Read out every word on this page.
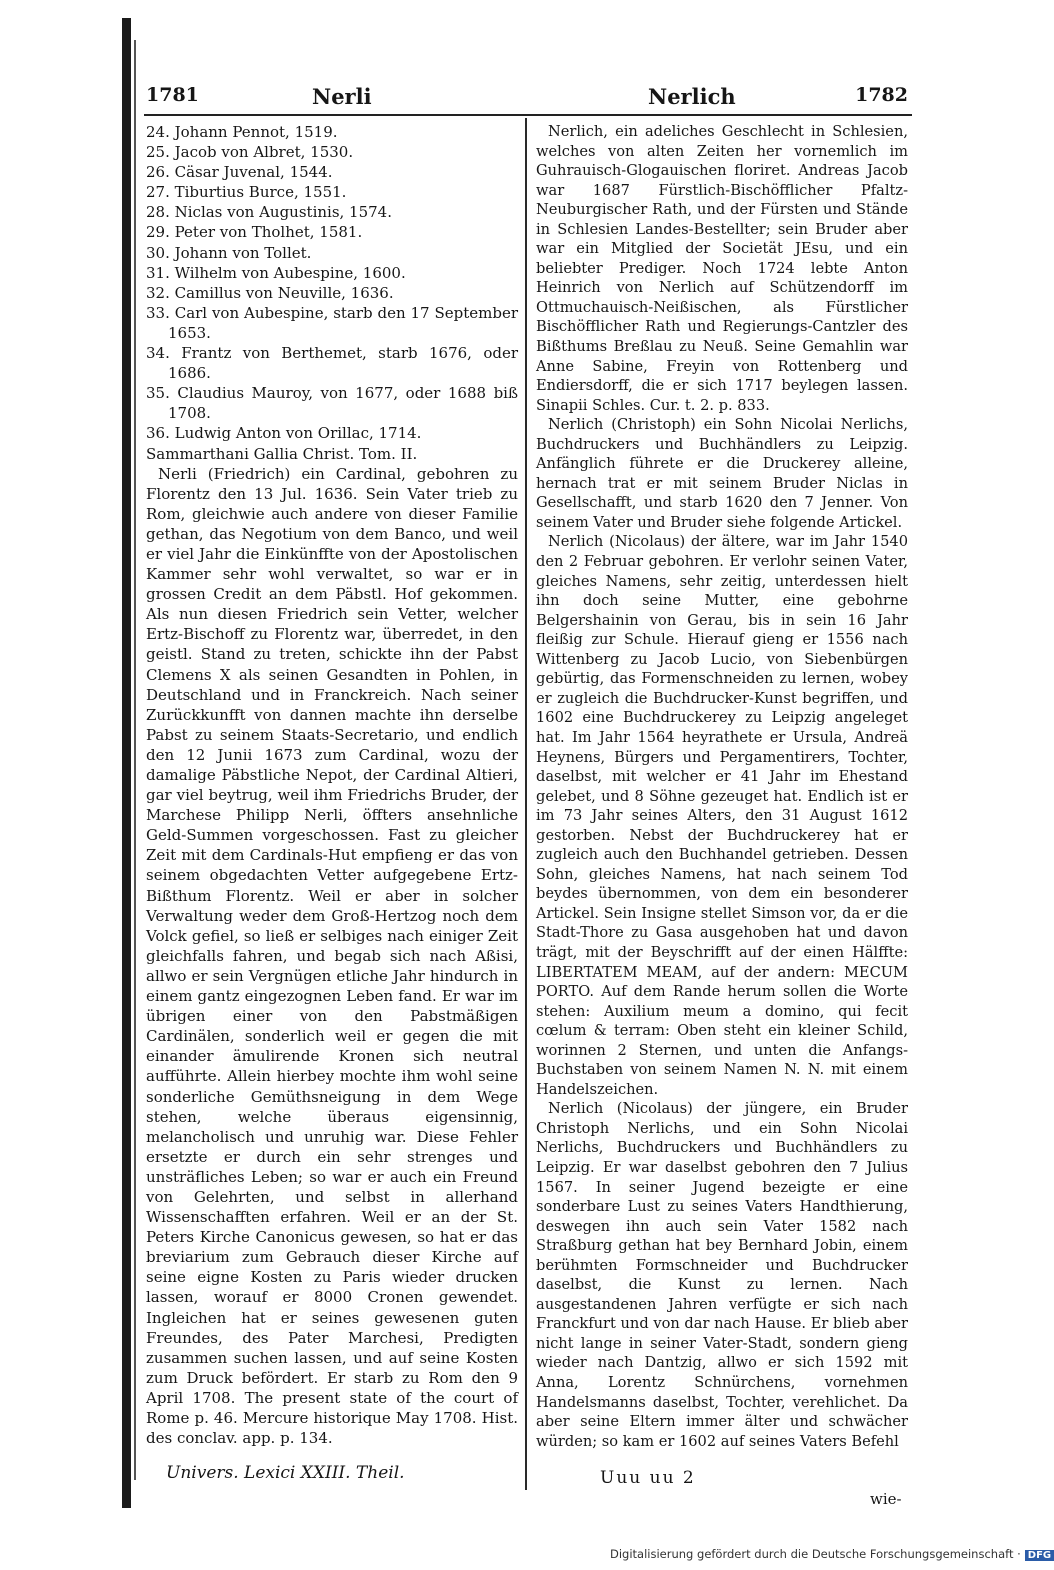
1781	Nerli	Nerlich	1782
24. Johann Pennot, 1519.
25. Jacob von Albret, 1530.
26. Cäsar Juvenal, 1544.
27. Tiburtius Burce, 1551.
28. Niclas von Augustinis, 1574.
29. Peter von Tholhet, 1581.
30. Johann von Tollet.
31. Wilhelm von Aubespine, 1600.
32. Camillus von Neuville, 1636.
33. Carl von Aubespine, starb den 17 September 1653.
34. Frantz von Berthemet, starb 1676, oder 1686.
35. Claudius Mauroy, von 1677, oder 1688 biß 1708.
36. Ludwig Anton von Orillac, 1714.

Sammarthani Gallia Christ. Tom. II.

Nerli (Friedrich) ein Cardinal, gebohren zu Florentz den 13 Jul. 1636. Sein Vater trieb zu Rom, gleichwie auch andere von dieser Familie gethan, das Negotium von dem Banco, und weil er viel Jahr die Einkünffte von der Apostolischen Kammer sehr wohl verwaltet, so war er in grossen Credit an dem Päbstl. Hof gekommen. Als nun diesen Friedrich sein Vetter, welcher Ertz-Bischoff zu Florentz war, überredet, in den geistl. Stand zu treten, schickte ihn der Pabst Clemens X als seinen Gesandten in Pohlen, in Deutschland und in Franckreich. Nach seiner Zurückkunfft von dannen machte ihn derselbe Pabst zu seinem Staats-Secretario, und endlich den 12 Junii 1673 zum Cardinal, wozu der damalige Päbstliche Nepot, der Cardinal Altieri, gar viel beytrug, weil ihm Friedrichs Bruder, der Marchese Philipp Nerli, öffters ansehnliche Geld-Summen vorgeschossen. Fast zu gleicher Zeit mit dem Cardinals-Hut empfieng er das von seinem obgedachten Vetter aufgegebene Ertz-Bißthum Florentz. Weil er aber in solcher Verwaltung weder dem Groß-Hertzog noch dem Volck gefiel, so ließ er selbiges nach einiger Zeit gleichfalls fahren, und begab sich nach Aßisi, allwo er sein Vergnügen etliche Jahr hindurch in einem gantz eingezognen Leben fand. Er war im übrigen einer von den Pabstmäßigen Cardinälen, sonderlich weil er gegen die mit einander ämulirende Kronen sich neutral aufführte. Allein hierbey mochte ihm wohl seine sonderliche Gemüthsneigung in dem Wege stehen, welche überaus eigensinnig, melancholisch und unruhig war. Diese Fehler ersetzte er durch ein sehr strenges und unsträfliches Leben; so war er auch ein Freund von Gelehrten, und selbst in allerhand Wissenschafften erfahren. Weil er an der St. Peters Kirche Canonicus gewesen, so hat er das breviarium zum Gebrauch dieser Kirche auf seine eigne Kosten zu Paris wieder drucken lassen, worauf er 8000 Cronen gewendet. Ingleichen hat er seines gewesenen guten Freundes, des Pater Marchesi, Predigten zusammen suchen lassen, und auf seine Kosten zum Druck befördert. Er starb zu Rom den 9 April 1708. The present state of the court of Rome p. 46. Mercure historique May 1708. Hist. des conclav. app. p. 134.

Nerlich, ein adeliches Geschlecht in Schlesien, welches von alten Zeiten her vornemlich im Guhrauisch-Glogauischen floriret. Andreas Jacob war 1687 Fürstlich-Bischöfflicher Pfaltz-Neuburgischer Rath, und der Fürsten und Stände in Schlesien Landes-Bestellter; sein Bruder aber war ein Mitglied der Societät JEsu, und ein beliebter Prediger. Noch 1724 lebte Anton Heinrich von Nerlich auf Schützendorff im Ottmuchauisch-Neißischen, als Fürstlicher Bischöfflicher Rath und Regierungs-Cantzler des Bißthums Breßlau zu Neuß. Seine Gemahlin war Anne Sabine, Freyin von Rottenberg und Endiersdorff, die er sich 1717 beylegen lassen. Sinapii Schles. Cur. t. 2. p. 833.

Nerlich (Christoph) ein Sohn Nicolai Nerlichs, Buchdruckers und Buchhändlers zu Leipzig. Anfänglich führete er die Druckerey alleine, hernach trat er mit seinem Bruder Niclas in Gesellschafft, und starb 1620 den 7 Jenner. Von seinem Vater und Bruder siehe folgende Artickel.

Nerlich (Nicolaus) der ältere, war im Jahr 1540 den 2 Februar gebohren. Er verlohr seinen Vater, gleiches Namens, sehr zeitig, unterdessen hielt ihn doch seine Mutter, eine gebohrne Belgershainin von Gerau, bis in sein 16 Jahr fleißig zur Schule. Hierauf gieng er 1556 nach Wittenberg zu Jacob Lucio, von Siebenbürgen gebürtig, das Formenschneiden zu lernen, wobey er zugleich die Buchdrucker-Kunst begriffen, und 1602 eine Buchdruckerey zu Leipzig angeleget hat. Im Jahr 1564 heyrathete er Ursula, Andreä Heynens, Bürgers und Pergamentirers, Tochter, daselbst, mit welcher er 41 Jahr im Ehestand gelebet, und 8 Söhne gezeuget hat. Endlich ist er im 73 Jahr seines Alters, den 31 August 1612 gestorben. Nebst der Buchdruckerey hat er zugleich auch den Buchhandel getrieben. Dessen Sohn, gleiches Namens, hat nach seinem Tod beydes übernommen, von dem ein besonderer Artickel. Sein Insigne stellet Simson vor, da er die Stadt-Thore zu Gasa ausgehoben hat und davon trägt, mit der Beyschrifft auf der einen Hälffte: LIBERTATEM MEAM, auf der andern: MECUM PORTO. Auf dem Rande herum sollen die Worte stehen: Auxilium meum a domino, qui fecit cœlum & terram: Oben steht ein kleiner Schild, worinnen 2 Sternen, und unten die Anfangs-Buchstaben von seinem Namen N. N. mit einem Handelszeichen.

Nerlich (Nicolaus) der jüngere, ein Bruder Christoph Nerlichs, und ein Sohn Nicolai Nerlichs, Buchdruckers und Buchhändlers zu Leipzig. Er war daselbst gebohren den 7 Julius 1567. In seiner Jugend bezeigte er eine sonderbare Lust zu seines Vaters Handthierung, deswegen ihn auch sein Vater 1582 nach Straßburg gethan hat bey Bernhard Jobin, einem berühmten Formschneider und Buchdrucker daselbst, die Kunst zu lernen. Nach ausgestandenen Jahren verfügte er sich nach Franckfurt und von dar nach Hause. Er blieb aber nicht lange in seiner Vater-Stadt, sondern gieng wieder nach Dantzig, allwo er sich 1592 mit Anna, Lorentz Schnürchens, vornehmen Handelsmanns daselbst, Tochter, verehlichet. Da aber seine Eltern immer älter und schwächer würden; so kam er 1602 auf seines Vaters Befehl

Univers. Lexici XXIII. Theil.	Uuu uu 2
wie-
Digitalisierung gefördert durch die Deutsche Forschungsgemeinschaft · DFG
